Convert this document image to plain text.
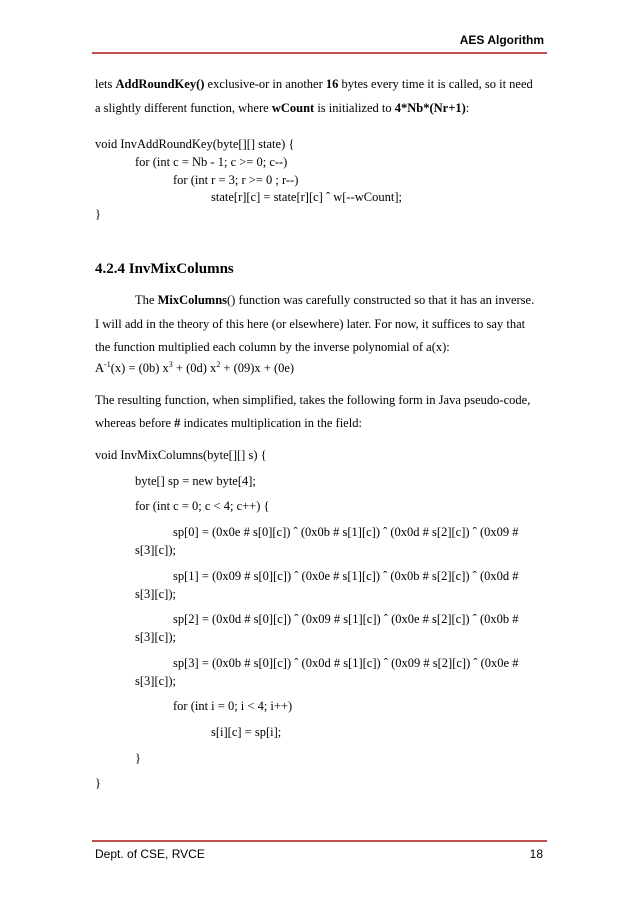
AES Algorithm
lets AddRoundKey() exclusive-or in another 16 bytes every time it is called, so it need
a slightly different function, where wCount is initialized to 4*Nb*(Nr+1):
void InvAddRoundKey(byte[][] state) {
for (int c = Nb - 1; c >= 0; c--)
for (int r = 3; r >= 0 ; r--)
state[r][c] = state[r][c] ˆ w[--wCount];
}
4.2.4 InvMixColumns
The MixColumns() function was carefully constructed so that it has an inverse.
I will add in the theory of this here (or elsewhere) later. For now, it suffices to say that
the function multiplied each column by the inverse polynomial of a(x):
$A^{-1}(x) = (0b) x^3 + (0d) x^2 + (09)x + (0e)$
The resulting function, when simplified, takes the following form in Java pseudo-code,
whereas before # indicates multiplication in the field:
void InvMixColumns(byte[][] s) {
byte[] sp = new byte[4];
for (int c = 0; c < 4; c++) {
sp[0] = (0x0e # s[0][c]) ˆ (0x0b # s[1][c]) ˆ (0x0d # s[2][c]) ˆ (0x09 #
s[3][c]);
sp[1] = (0x09 # s[0][c]) ˆ (0x0e # s[1][c]) ˆ (0x0b # s[2][c]) ˆ (0x0d #
s[3][c]);
sp[2] = (0x0d # s[0][c]) ˆ (0x09 # s[1][c]) ˆ (0x0e # s[2][c]) ˆ (0x0b #
s[3][c]);
sp[3] = (0x0b # s[0][c]) ˆ (0x0d # s[1][c]) ˆ (0x09 # s[2][c]) ˆ (0x0e #
s[3][c]);
for (int i = 0; i < 4; i++)
s[i][c] = sp[i];
}
}
Dept. of CSE, RVCE	18
